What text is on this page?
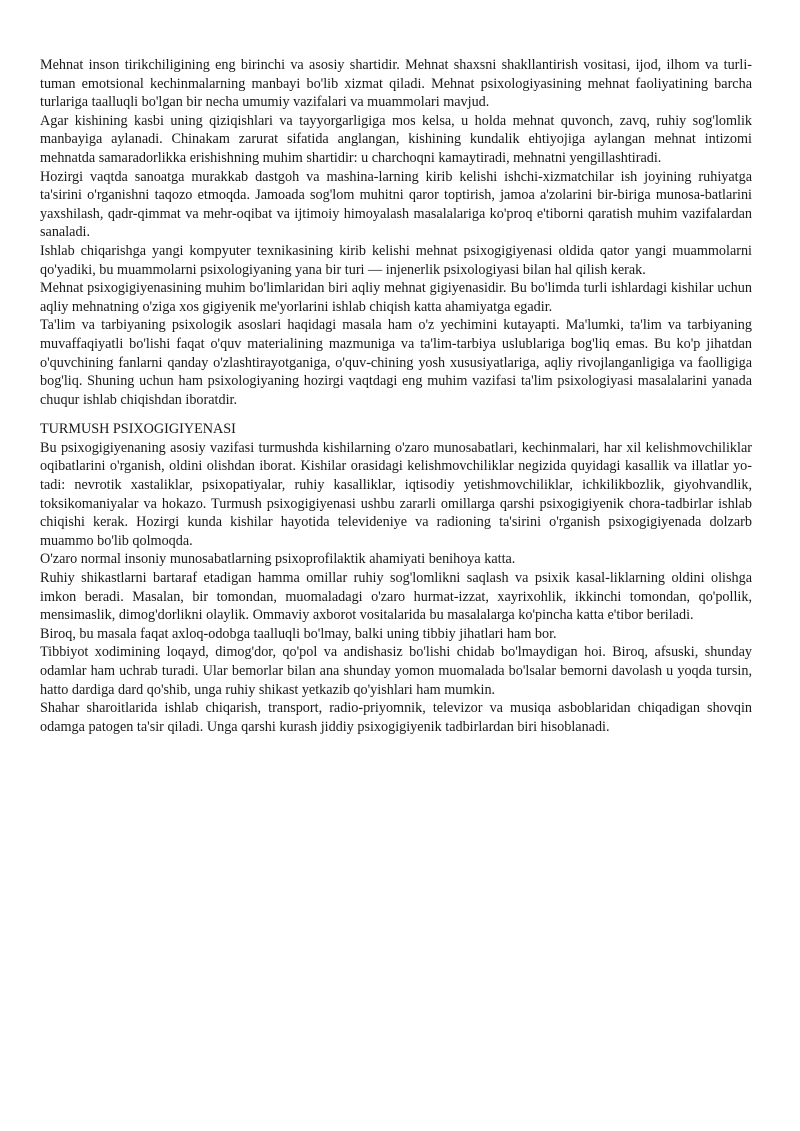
Mehnat inson tirikchiligining eng birinchi va asosiy shartidir. Mehnat shaxsni shakllantirish vositasi, ijod, ilhom va turli-tuman emotsional kechinmalarning manbayi bo'lib xizmat qiladi. Mehnat psixologiyasining mehnat faoliyatining barcha turlariga taalluqli bo'lgan bir necha umumiy vazifalari va muammolari mavjud.

Agar kishining kasbi uning qiziqishlari va tayyorgarligiga mos kelsa, u holda mehnat quvonch, zavq, ruhiy sog'lomlik manbayiga aylanadi. Chinakam zarurat sifatida anglangan, kishining kundalik ehtiyojiga aylangan mehnat intizomi mehnatda samaradorlikka erishishning muhim shartidir: u charchoqni kamaytiradi, mehnatni yengillashtiradi.

Hozirgi vaqtda sanoatga murakkab dastgoh va mashina-larning kirib kelishi ishchi-xizmatchilar ish joyining ruhiyatga ta'sirini o'rganishni taqozo etmoqda. Jamoada sog'lom muhitni qaror toptirish, jamoa a'zolarini bir-biriga munosa-batlarini yaxshilash, qadr-qimmat va mehr-oqibat va ijtimoiy himoyalash masalalariga ko'proq e'tiborni qaratish muhim vazifalardan sanaladi.

Ishlab chiqarishga yangi kompyuter texnikasining kirib kelishi mehnat psixogigiyenasi oldida qator yangi muammolarni qo'yadiki, bu muammolarni psixologiyaning yana bir turi — injenerlik psixologiyasi bilan hal qilish kerak.

Mehnat psixogigiyenasining muhim bo'limlaridan biri aqliy mehnat gigiyenasidir. Bu bo'limda turli ishlardagi kishilar uchun aqliy mehnatning o'ziga xos gigiyenik me'yorlarini ishlab chiqish katta ahamiyatga egadir.

Ta'lim va tarbiyaning psixologik asoslari haqidagi masala ham o'z yechimini kutayapti. Ma'lumki, ta'lim va tarbiyaning muvaffaqiyatli bo'lishi faqat o'quv materialining mazmuniga va ta'lim-tarbiya uslublariga bog'liq emas. Bu ko'p jihatdan o'quvchining fanlarni qanday o'zlashtirayotganiga, o'quv-chining yosh xususiyatlariga, aqliy rivojlanganligiga va faolligiga bog'liq. Shuning uchun ham psixologiyaning hozirgi vaqtdagi eng muhim vazifasi ta'lim psixologiyasi masalalarini yanada chuqur ishlab chiqishdan iboratdir.

TURMUSH PSIXOGIGIYENASI

Bu psixogigiyenaning asosiy vazifasi turmushda kishilarning o'zaro munosabatlari, kechinmalari, har xil kelishmovchiliklar oqibatlarini o'rganish, oldini olishdan iborat. Kishilar orasidagi kelishmovchiliklar negizida quyidagi kasallik va illatlar yo-tadi: nevrotik xastaliklar, psixopatiyalar, ruhiy kasalliklar, iqtisodiy yetishmovchiliklar, ichkilikbozlik, giyohvandlik, toksikomaniyalar va hokazo. Turmush psixogigiyenasi ushbu zararli omillarga qarshi psixogigiyenik chora-tadbirlar ishlab chiqishi kerak. Hozirgi kunda kishilar hayotida televideniye va radioning ta'sirini o'rganish psixogigiyenada dolzarb muammo bo'lib qolmoqda.

O'zaro normal insoniy munosabatlarning psixoprofilaktik ahamiyati benihoya katta.

Ruhiy shikastlarni bartaraf etadigan hamma omillar ruhiy sog'lomlikni saqlash va psixik kasal-liklarning oldini olishga imkon beradi. Masalan, bir tomondan, muomaladagi o'zaro hurmat-izzat, xayrixohlik, ikkinchi tomondan, qo'pollik, mensimaslik, dimog'dorlikni olaylik. Ommaviy axborot vositalarida bu masalalarga ko'pincha katta e'tibor beriladi.

Biroq, bu masala faqat axloq-odobga taalluqli bo'lmay, balki uning tibbiy jihatlari ham bor.

Tibbiyot xodimining loqayd, dimog'dor, qo'pol va andishasiz bo'lishi chidab bo'lmaydigan hoi. Biroq, afsuski, shunday odamlar ham uchrab turadi. Ular bemorlar bilan ana shunday yomon muomalada bo'lsalar bemorni davolash u yoqda tursin, hatto dardiga dard qo'shib, unga ruhiy shikast yetkazib qo'yishlari ham mumkin.

Shahar sharoitlarida ishlab chiqarish, transport, radio-priyomnik, televizor va musiqa asboblaridan chiqadigan shovqin odamga patogen ta'sir qiladi. Unga qarshi kurash jiddiy psixogigiyenik tadbirlardan biri hisoblanadi.
